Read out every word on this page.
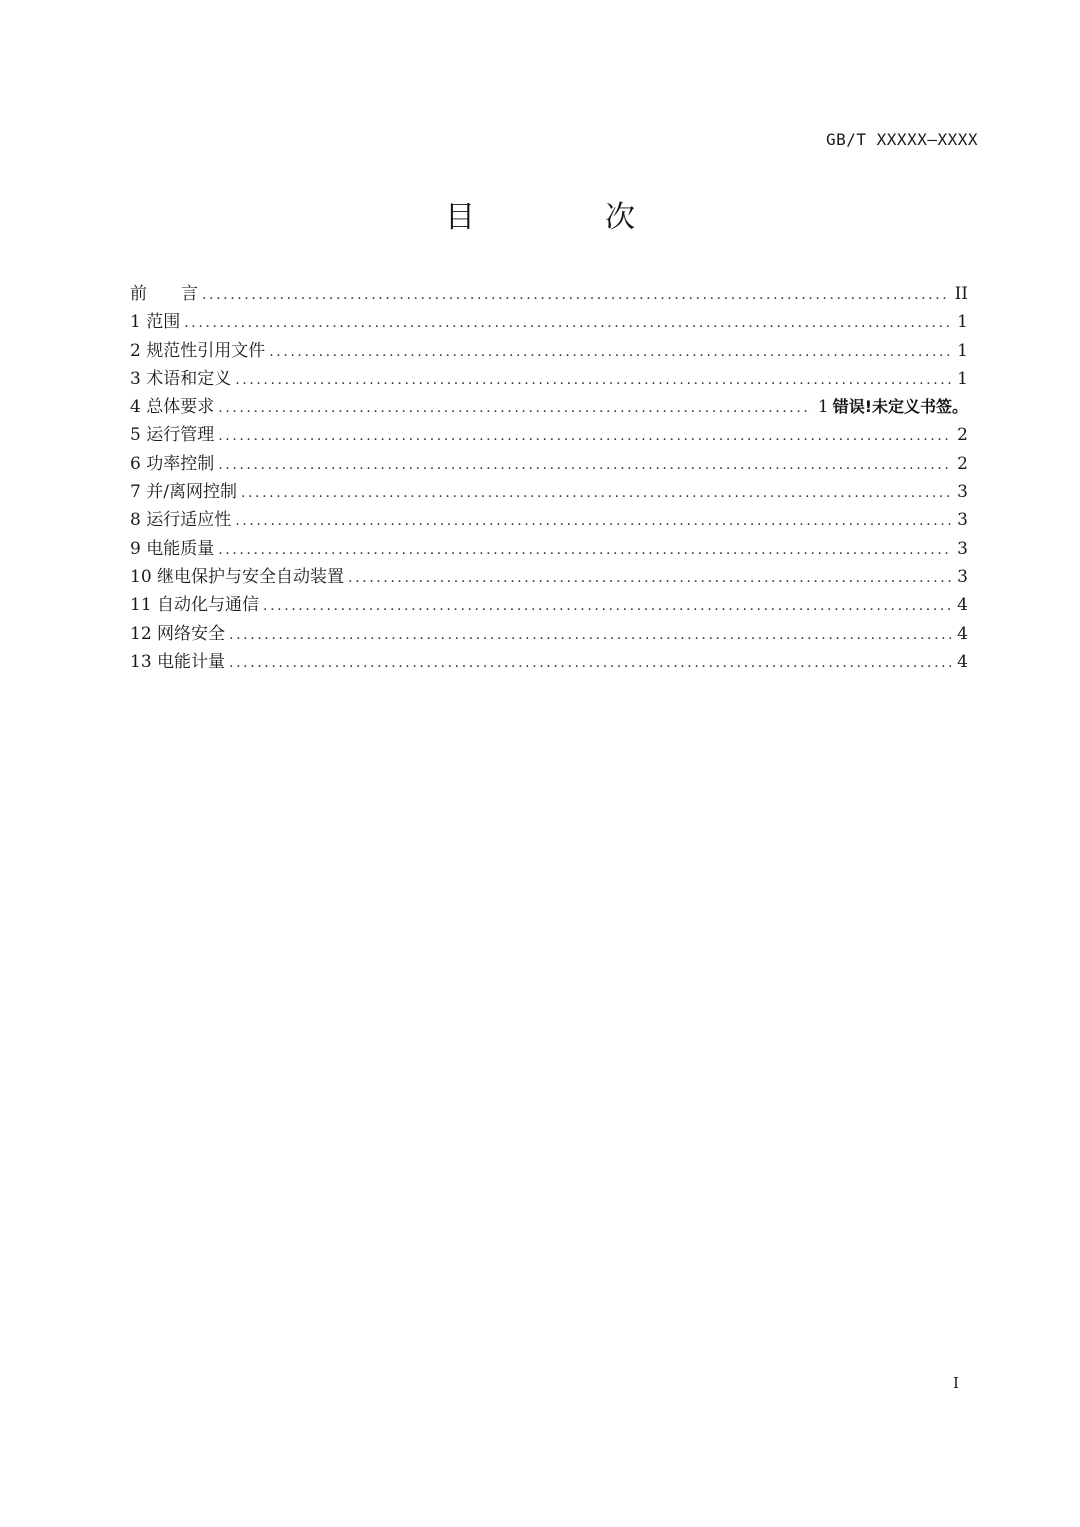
GB/T XXXXX—XXXX
目　次
前　　言 .....	II
1 范围 .....	1
2 规范性引用文件 .....	1
3 术语和定义 .....	1
4 总体要求 .....	1 错误!未定义书签。
5 运行管理 .....	2
6 功率控制 .....	2
7 并/离网控制 .....	3
8 运行适应性 .....	3
9 电能质量 .....	3
10 继电保护与安全自动装置 .....	3
11 自动化与通信 .....	4
12 网络安全 .....	4
13 电能计量 .....	4
I
